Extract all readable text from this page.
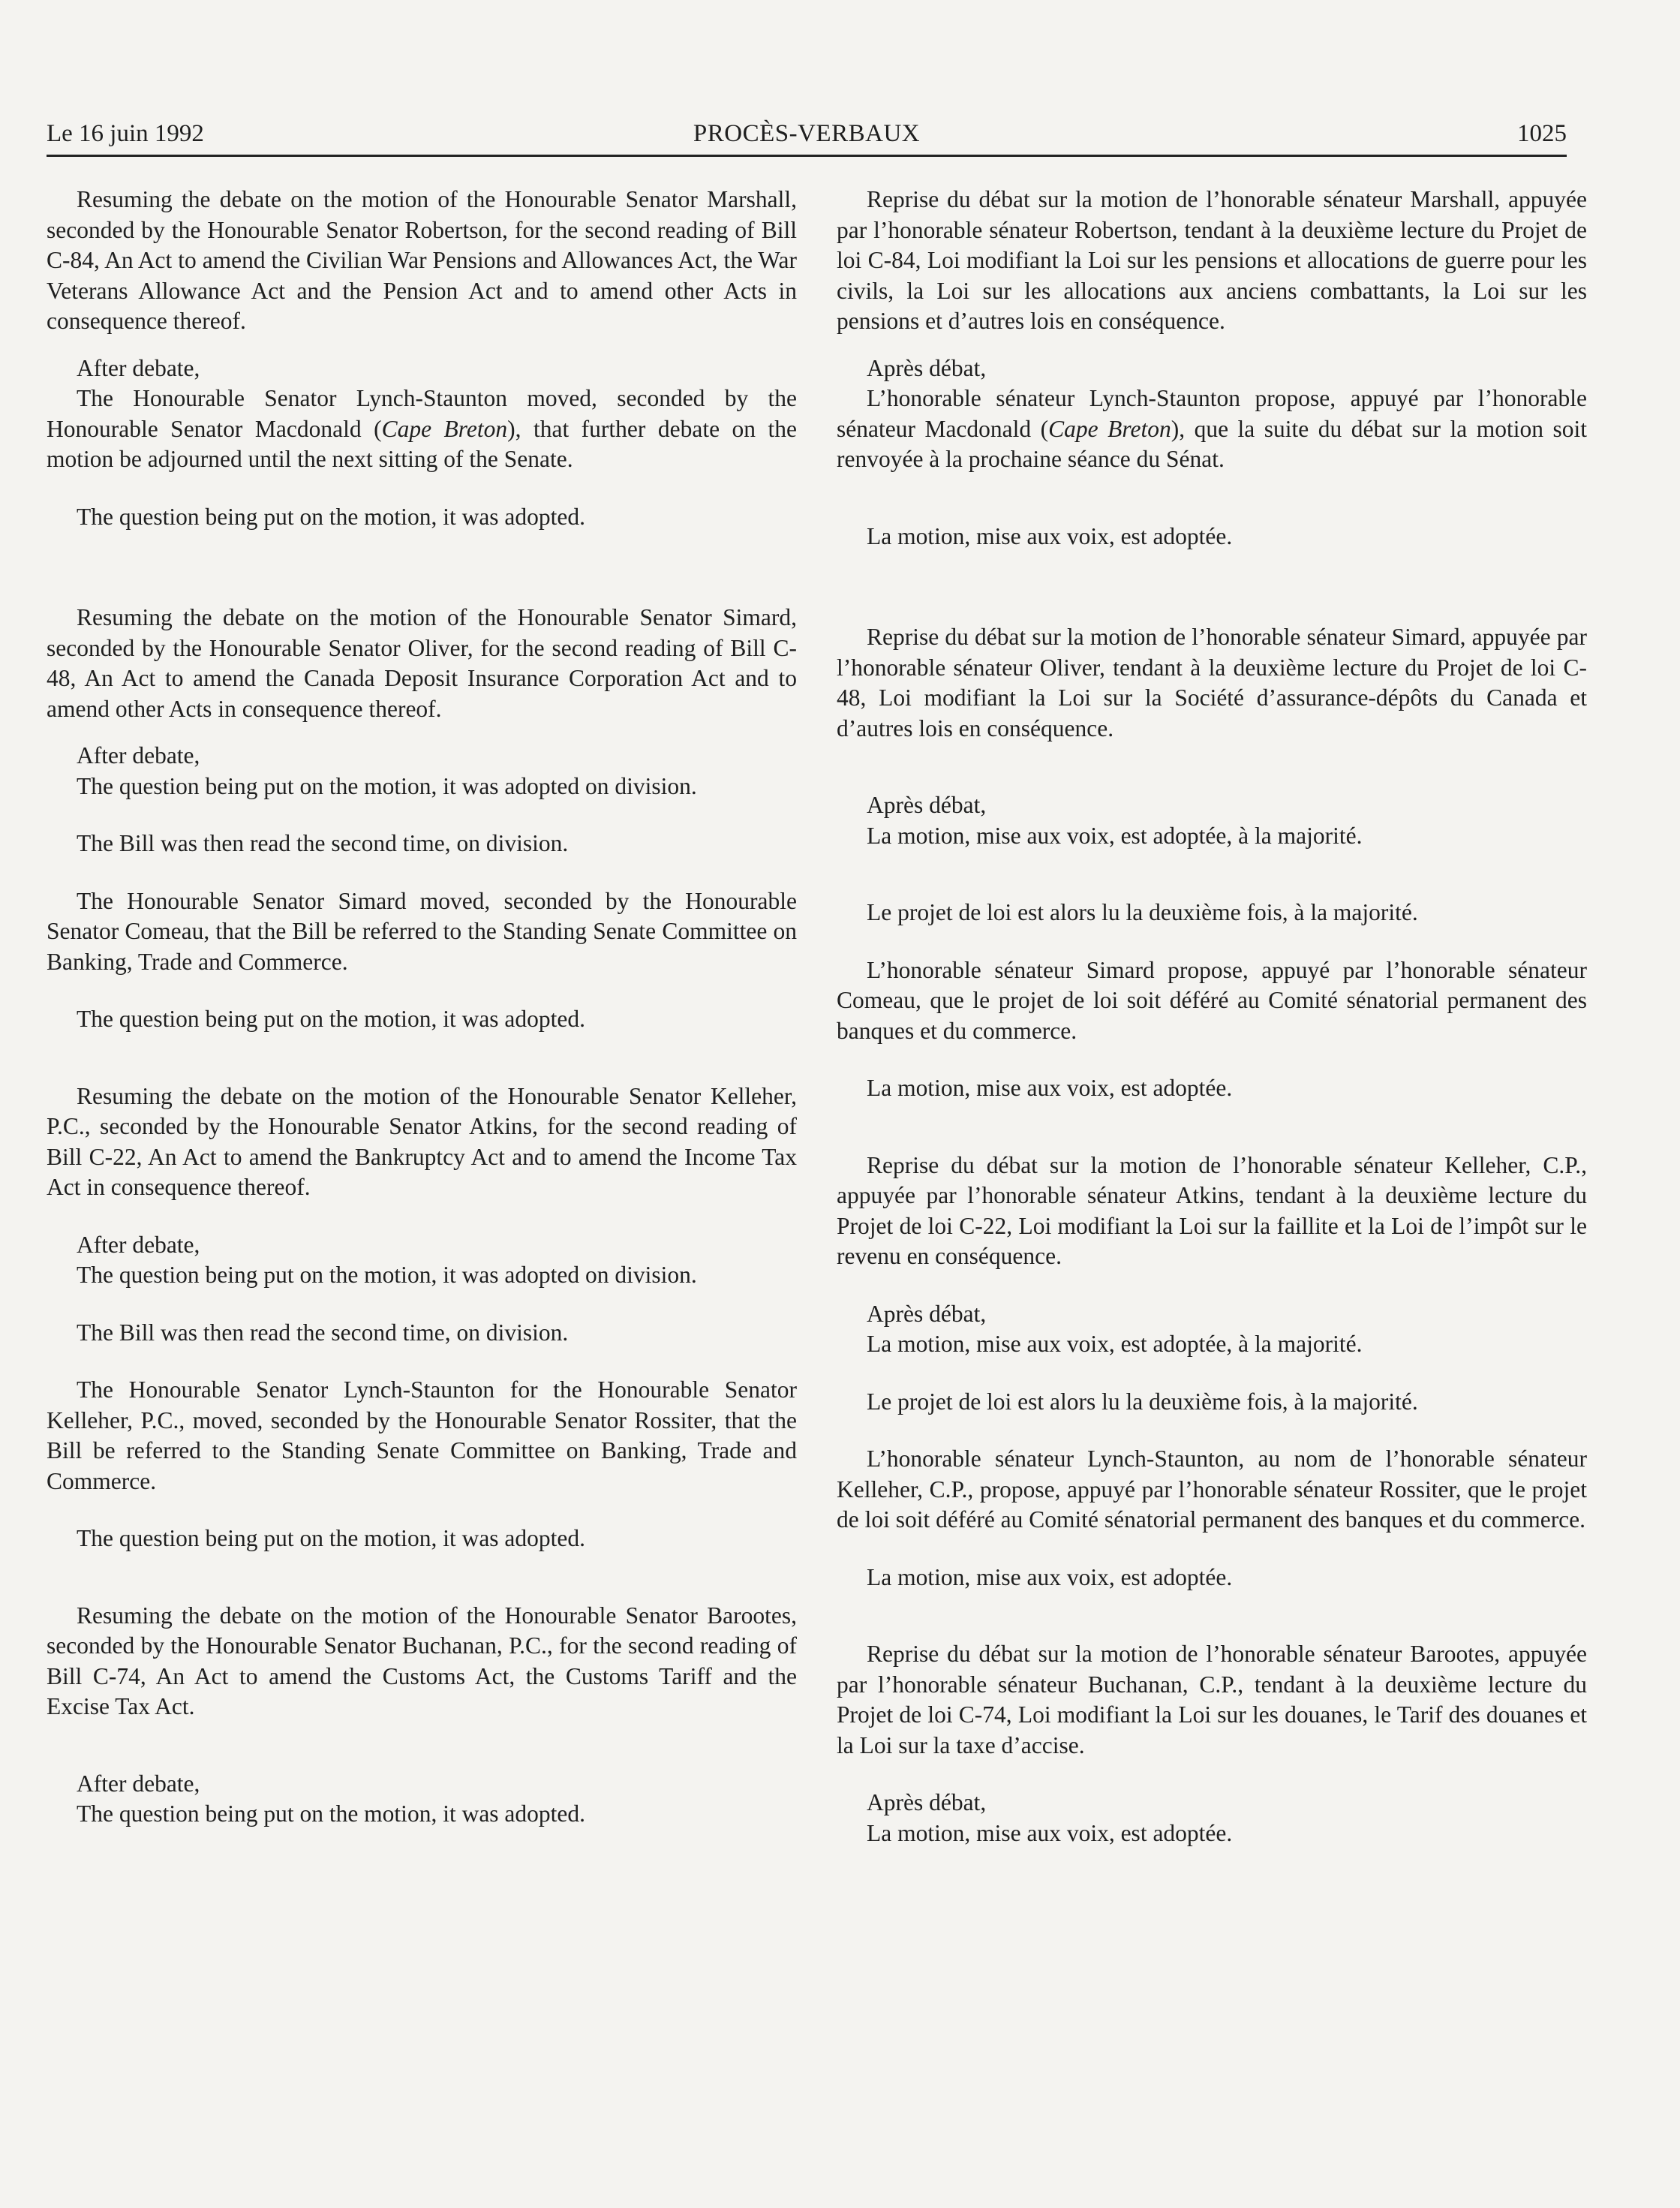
Le 16 juin 1992	PROCÈS-VERBAUX	1025

Resuming the debate on the motion of the Honourable Senator Marshall, seconded by the Honourable Senator Robertson, for the second reading of Bill C-84, An Act to amend the Civilian War Pensions and Allowances Act, the War Veterans Allowance Act and the Pension Act and to amend other Acts in consequence thereof.

After debate,

The Honourable Senator Lynch-Staunton moved, seconded by the Honourable Senator Macdonald (Cape Breton), that further debate on the motion be adjourned until the next sitting of the Senate.

The question being put on the motion, it was adopted.

Resuming the debate on the motion of the Honourable Senator Simard, seconded by the Honourable Senator Oliver, for the second reading of Bill C-48, An Act to amend the Canada Deposit Insurance Corporation Act and to amend other Acts in consequence thereof.

After debate,

The question being put on the motion, it was adopted on division.

The Bill was then read the second time, on division.

The Honourable Senator Simard moved, seconded by the Honourable Senator Comeau, that the Bill be referred to the Standing Senate Committee on Banking, Trade and Commerce.

The question being put on the motion, it was adopted.

Resuming the debate on the motion of the Honourable Senator Kelleher, P.C., seconded by the Honourable Senator Atkins, for the second reading of Bill C-22, An Act to amend the Bankruptcy Act and to amend the Income Tax Act in consequence thereof.

After debate,

The question being put on the motion, it was adopted on division.

The Bill was then read the second time, on division.

The Honourable Senator Lynch-Staunton for the Honourable Senator Kelleher, P.C., moved, seconded by the Honourable Senator Rossiter, that the Bill be referred to the Standing Senate Committee on Banking, Trade and Commerce.

The question being put on the motion, it was adopted.

Resuming the debate on the motion of the Honourable Senator Barootes, seconded by the Honourable Senator Buchanan, P.C., for the second reading of Bill C-74, An Act to amend the Customs Act, the Customs Tariff and the Excise Tax Act.

After debate,

The question being put on the motion, it was adopted.

Reprise du débat sur la motion de l’honorable sénateur Marshall, appuyée par l’honorable sénateur Robertson, tendant à la deuxième lecture du Projet de loi C-84, Loi modifiant la Loi sur les pensions et allocations de guerre pour les civils, la Loi sur les allocations aux anciens combattants, la Loi sur les pensions et d’autres lois en conséquence.

Après débat,

L’honorable sénateur Lynch-Staunton propose, appuyé par l’honorable sénateur Macdonald (Cape Breton), que la suite du débat sur la motion soit renvoyée à la prochaine séance du Sénat.

La motion, mise aux voix, est adoptée.

Reprise du débat sur la motion de l’honorable sénateur Simard, appuyée par l’honorable sénateur Oliver, tendant à la deuxième lecture du Projet de loi C-48, Loi modifiant la Loi sur la Société d’assurance-dépôts du Canada et d’autres lois en conséquence.

Après débat,

La motion, mise aux voix, est adoptée, à la majorité.

Le projet de loi est alors lu la deuxième fois, à la majorité.

L’honorable sénateur Simard propose, appuyé par l’honorable sénateur Comeau, que le projet de loi soit déféré au Comité sénatorial permanent des banques et du commerce.

La motion, mise aux voix, est adoptée.

Reprise du débat sur la motion de l’honorable sénateur Kelleher, C.P., appuyée par l’honorable sénateur Atkins, tendant à la deuxième lecture du Projet de loi C-22, Loi modifiant la Loi sur la faillite et la Loi de l’impôt sur le revenu en conséquence.

Après débat,

La motion, mise aux voix, est adoptée, à la majorité.

Le projet de loi est alors lu la deuxième fois, à la majorité.

L’honorable sénateur Lynch-Staunton, au nom de l’honorable sénateur Kelleher, C.P., propose, appuyé par l’honorable sénateur Rossiter, que le projet de loi soit déféré au Comité sénatorial permanent des banques et du commerce.

La motion, mise aux voix, est adoptée.

Reprise du débat sur la motion de l’honorable sénateur Barootes, appuyée par l’honorable sénateur Buchanan, C.P., tendant à la deuxième lecture du Projet de loi C-74, Loi modifiant la Loi sur les douanes, le Tarif des douanes et la Loi sur la taxe d’accise.

Après débat,

La motion, mise aux voix, est adoptée.
